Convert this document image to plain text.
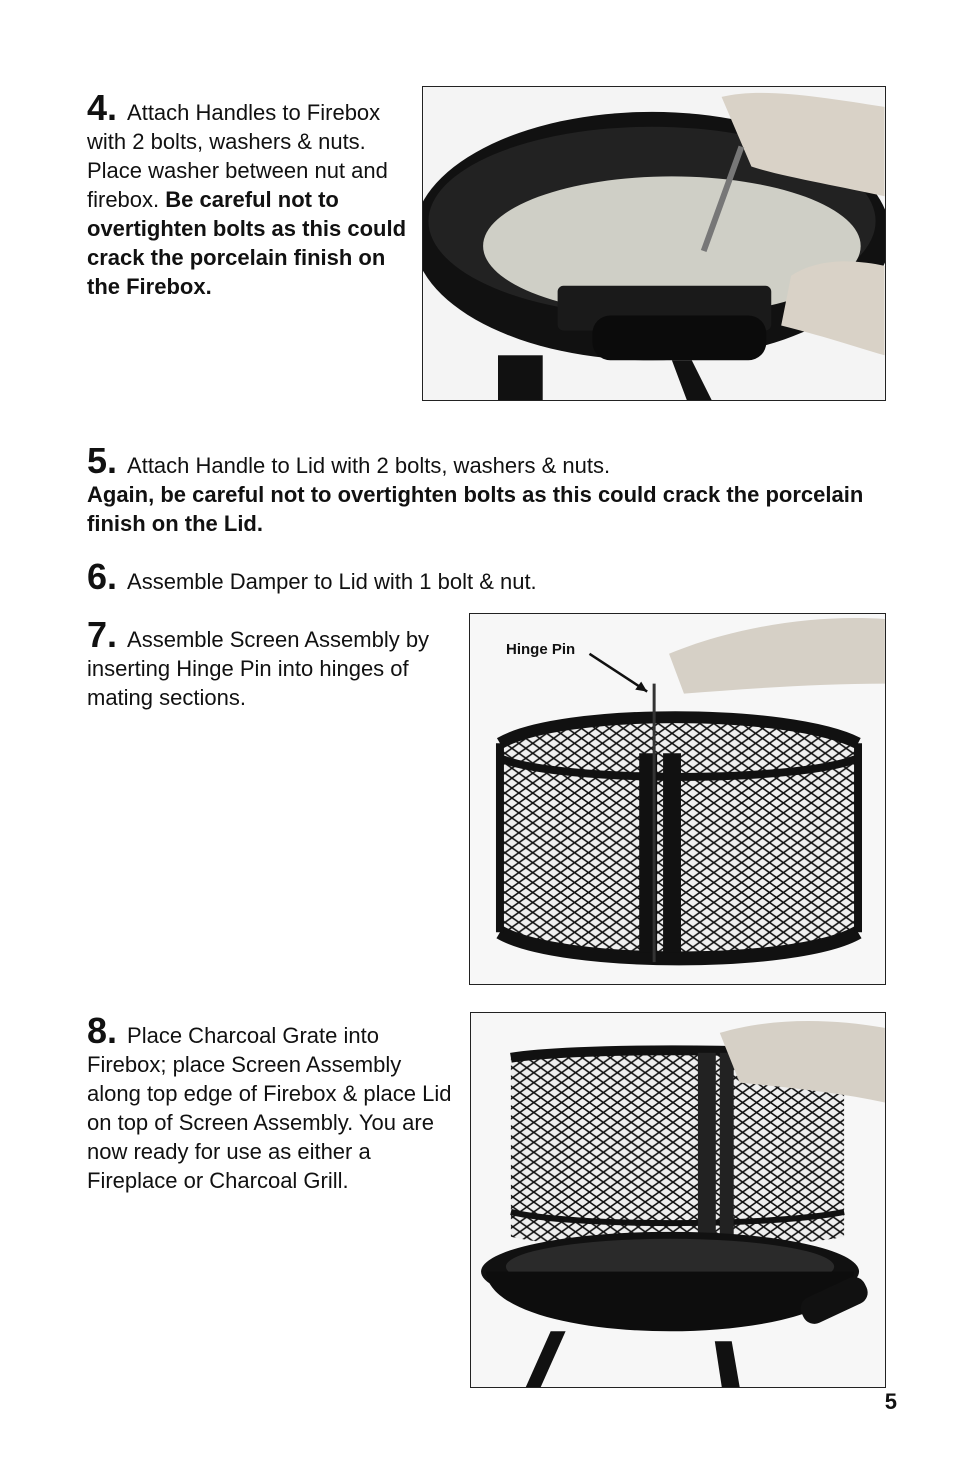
4. Attach Handles to Firebox with 2 bolts, washers & nuts. Place washer between nut and firebox. Be careful not to overtighten bolts as this could crack the porcelain finish on the Firebox.
5. Attach Handle to Lid with 2 bolts, washers & nuts.
Again, be careful not to overtighten bolts as this could crack the porcelain finish on the Lid.
6. Assemble Damper to Lid with 1 bolt & nut.
7. Assemble Screen Assembly by inserting Hinge Pin into hinges of mating sections.
Hinge Pin
8. Place Charcoal Grate into Firebox; place Screen Assembly along top edge of Firebox & place Lid on top of Screen Assembly. You are now ready for use as either a Fireplace or Charcoal Grill.
5
